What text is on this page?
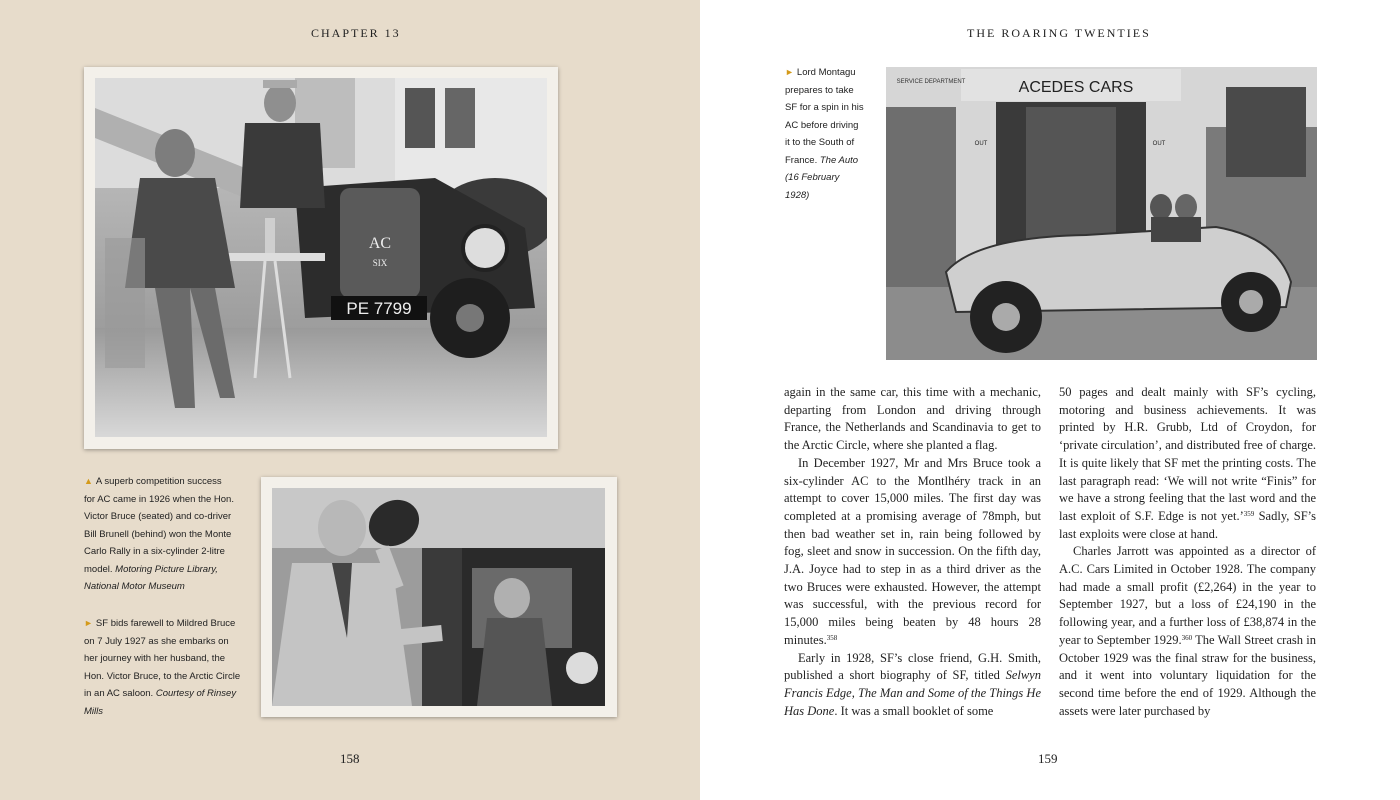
CHAPTER 13
AC
SIX
PE 7799
▲ A superb competition success for AC came in 1926 when the Hon. Victor Bruce (seated) and co-driver Bill Brunell (behind) won the Monte Carlo Rally in a six-cylinder 2-litre model. Motoring Picture Library, National Motor Museum
► SF bids farewell to Mildred Bruce on 7 July 1927 as she embarks on her journey with her husband, the Hon. Victor Bruce, to the Arctic Circle in an AC saloon. Courtesy of Rinsey Mills
158
THE ROARING TWENTIES
► Lord Montagu prepares to take SF for a spin in his AC before driving it to the South of France. The Auto (16 February 1928)
ACEDES CARS
SERVICE DEPARTMENT
OUT	OUT

again in the same car, this time with a mechanic, departing from London and driving through France, the Netherlands and Scandinavia to get to the Arctic Circle, where she planted a flag.

In December 1927, Mr and Mrs Bruce took a six-cylinder AC to the Montlhéry track in an attempt to cover 15,000 miles. The first day was completed at a promising average of 78mph, but then bad weather set in, rain being followed by fog, sleet and snow in succession. On the fifth day, J.A. Joyce had to step in as a third driver as the two Bruces were exhausted. However, the attempt was successful, with the previous record for 15,000 miles being beaten by 48 hours 28 minutes.$^{358}$

Early in 1928, SF’s close friend, G.H. Smith, published a short biography of SF, titled Selwyn Francis Edge, The Man and Some of the Things He Has Done. It was a small booklet of some

50 pages and dealt mainly with SF’s cycling, motoring and business achievements. It was printed by H.R. Grubb, Ltd of Croydon, for ‘private circulation’, and distributed free of charge. It is quite likely that SF met the printing costs. The last paragraph read: ‘We will not write “Finis” for we have a strong feeling that the last word and the last exploit of S.F. Edge is not yet.’$^{359}$ Sadly, SF’s last exploits were close at hand.

Charles Jarrott was appointed as a director of A.C. Cars Limited in October 1928. The company had made a small profit (£2,264) in the year to September 1927, but a loss of £24,190 in the following year, and a further loss of £38,874 in the year to September 1929.$^{360}$ The Wall Street crash in October 1929 was the final straw for the business, and it went into voluntary liquidation for the second time before the end of 1929. Although the assets were later purchased by

159
